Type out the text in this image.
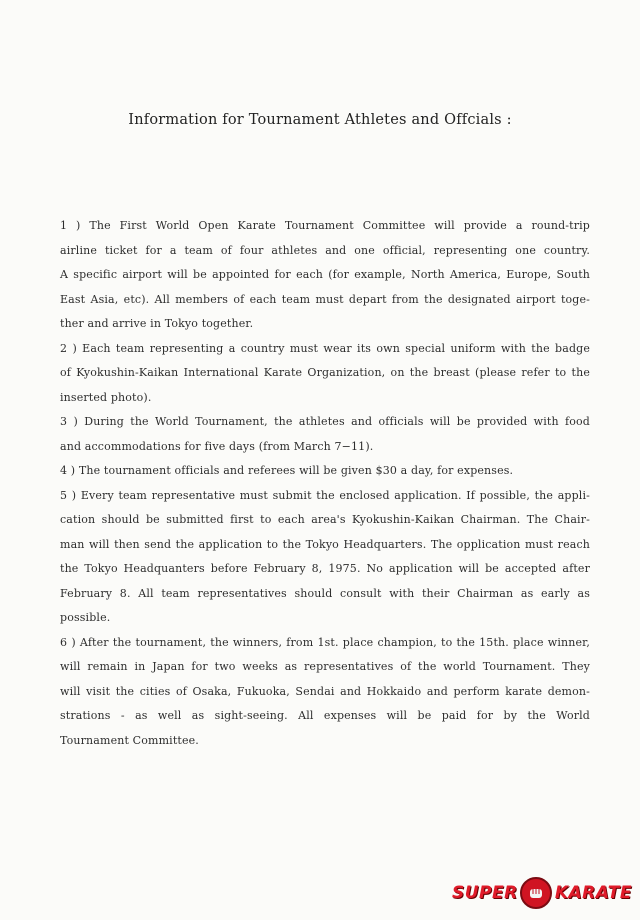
Information for Tournament Athletes and Offcials :
1 ) The First World Open Karate Tournament Committee will provide a round-trip
airline ticket for a team of four athletes and one official, representing one country.
A specific airport will be appointed for each (for example, North America, Europe, South
East Asia, etc). All members of each team must depart from the designated airport toge-
ther and arrive in Tokyo together.
2 ) Each team representing a country must wear its own special uniform with the badge
of Kyokushin-Kaikan International Karate Organization, on the breast (please refer to the
inserted photo).
3 ) During the World Tournament, the athletes and officials will be provided with food
and accommodations for five days (from March 7−11).
4 ) The tournament officials and referees will be given $30 a day, for expenses.
5 ) Every team representative must submit the enclosed application. If possible, the appli-
cation should be submitted first to each area's Kyokushin-Kaikan Chairman. The Chair-
man will then send the application to the Tokyo Headquarters. The opplication must reach
the Tokyo Headquanters before February 8, 1975. No application will be accepted after
February 8. All team representatives should consult with their Chairman as early as
possible.
6 ) After the tournament, the winners, from 1st. place champion, to the 15th. place winner,
will remain in Japan for two weeks as representatives of the world Tournament. They
will visit the cities of Osaka, Fukuoka, Sendai and Hokkaido and perform karate demon-
strations - as well as sight-seeing. All expenses will be paid for by the World
Tournament Committee.
SUPER KARATE
